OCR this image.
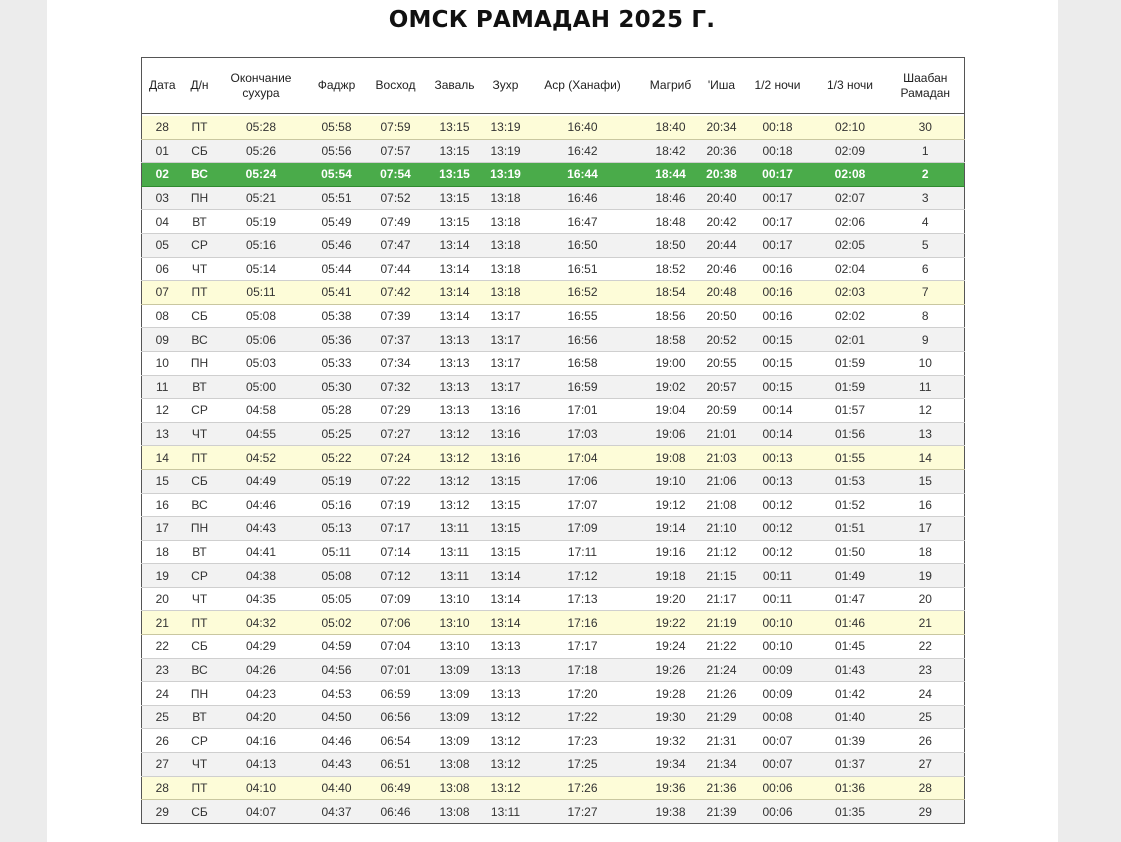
ОМСК РАМАДАН 2025 Г.
Дата	Д/н	Окончание сухура	Фаджр	Восход	Заваль	Зухр	Аср (Ханафи)	Магриб	'Иша	1/2 ночи	1/3 ночи	Шаабан Рамадан

28	ПТ	05:28	05:58	07:59	13:15	13:19	16:40	18:40	20:34	00:18	02:10	30
01	СБ	05:26	05:56	07:57	13:15	13:19	16:42	18:42	20:36	00:18	02:09	1
02	ВС	05:24	05:54	07:54	13:15	13:19	16:44	18:44	20:38	00:17	02:08	2
03	ПН	05:21	05:51	07:52	13:15	13:18	16:46	18:46	20:40	00:17	02:07	3
04	ВТ	05:19	05:49	07:49	13:15	13:18	16:47	18:48	20:42	00:17	02:06	4
05	СР	05:16	05:46	07:47	13:14	13:18	16:50	18:50	20:44	00:17	02:05	5
06	ЧТ	05:14	05:44	07:44	13:14	13:18	16:51	18:52	20:46	00:16	02:04	6
07	ПТ	05:11	05:41	07:42	13:14	13:18	16:52	18:54	20:48	00:16	02:03	7
08	СБ	05:08	05:38	07:39	13:14	13:17	16:55	18:56	20:50	00:16	02:02	8
09	ВС	05:06	05:36	07:37	13:13	13:17	16:56	18:58	20:52	00:15	02:01	9
10	ПН	05:03	05:33	07:34	13:13	13:17	16:58	19:00	20:55	00:15	01:59	10
11	ВТ	05:00	05:30	07:32	13:13	13:17	16:59	19:02	20:57	00:15	01:59	11
12	СР	04:58	05:28	07:29	13:13	13:16	17:01	19:04	20:59	00:14	01:57	12
13	ЧТ	04:55	05:25	07:27	13:12	13:16	17:03	19:06	21:01	00:14	01:56	13
14	ПТ	04:52	05:22	07:24	13:12	13:16	17:04	19:08	21:03	00:13	01:55	14
15	СБ	04:49	05:19	07:22	13:12	13:15	17:06	19:10	21:06	00:13	01:53	15
16	ВС	04:46	05:16	07:19	13:12	13:15	17:07	19:12	21:08	00:12	01:52	16
17	ПН	04:43	05:13	07:17	13:11	13:15	17:09	19:14	21:10	00:12	01:51	17
18	ВТ	04:41	05:11	07:14	13:11	13:15	17:11	19:16	21:12	00:12	01:50	18
19	СР	04:38	05:08	07:12	13:11	13:14	17:12	19:18	21:15	00:11	01:49	19
20	ЧТ	04:35	05:05	07:09	13:10	13:14	17:13	19:20	21:17	00:11	01:47	20
21	ПТ	04:32	05:02	07:06	13:10	13:14	17:16	19:22	21:19	00:10	01:46	21
22	СБ	04:29	04:59	07:04	13:10	13:13	17:17	19:24	21:22	00:10	01:45	22
23	ВС	04:26	04:56	07:01	13:09	13:13	17:18	19:26	21:24	00:09	01:43	23
24	ПН	04:23	04:53	06:59	13:09	13:13	17:20	19:28	21:26	00:09	01:42	24
25	ВТ	04:20	04:50	06:56	13:09	13:12	17:22	19:30	21:29	00:08	01:40	25
26	СР	04:16	04:46	06:54	13:09	13:12	17:23	19:32	21:31	00:07	01:39	26
27	ЧТ	04:13	04:43	06:51	13:08	13:12	17:25	19:34	21:34	00:07	01:37	27
28	ПТ	04:10	04:40	06:49	13:08	13:12	17:26	19:36	21:36	00:06	01:36	28
29	СБ	04:07	04:37	06:46	13:08	13:11	17:27	19:38	21:39	00:06	01:35	29
